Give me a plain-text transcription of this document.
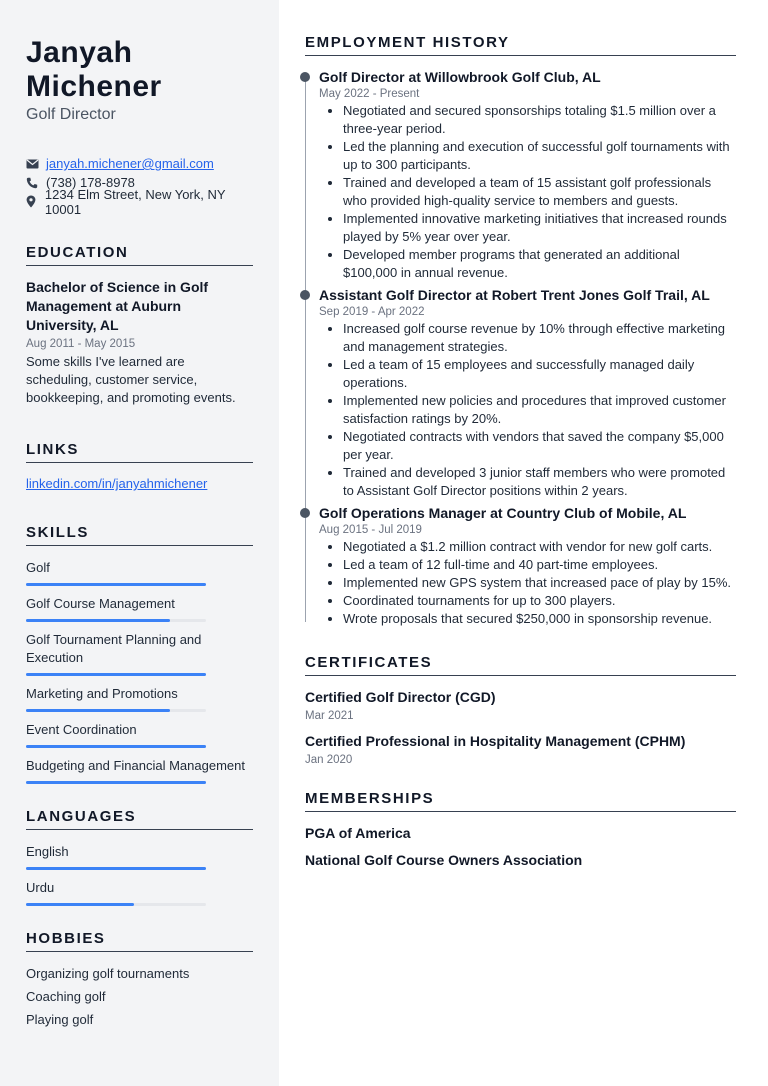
Janyah
Michener
Golf Director
janyah.michener@gmail.com
(738) 178-8978
1234 Elm Street, New York, NY 10001
EDUCATION
Bachelor of Science in Golf Management at Auburn University, AL
Aug 2011 - May 2015
Some skills I've learned are scheduling, customer service, bookkeeping, and promoting events.
LINKS
linkedin.com/in/janyahmichener
SKILLS
Golf
Golf Course Management
Golf Tournament Planning and Execution
Marketing and Promotions
Event Coordination
Budgeting and Financial Management
LANGUAGES
English
Urdu
HOBBIES
Organizing golf tournaments
Coaching golf
Playing golf
EMPLOYMENT HISTORY
Golf Director at Willowbrook Golf Club, AL
May 2022 - Present
• Negotiated and secured sponsorships totaling $1.5 million over a three-year period.
• Led the planning and execution of successful golf tournaments with up to 300 participants.
• Trained and developed a team of 15 assistant golf professionals who provided high-quality service to members and guests.
• Implemented innovative marketing initiatives that increased rounds played by 5% year over year.
• Developed member programs that generated an additional $100,000 in annual revenue.
Assistant Golf Director at Robert Trent Jones Golf Trail, AL
Sep 2019 - Apr 2022
• Increased golf course revenue by 10% through effective marketing and management strategies.
• Led a team of 15 employees and successfully managed daily operations.
• Implemented new policies and procedures that improved customer satisfaction ratings by 20%.
• Negotiated contracts with vendors that saved the company $5,000 per year.
• Trained and developed 3 junior staff members who were promoted to Assistant Golf Director positions within 2 years.
Golf Operations Manager at Country Club of Mobile, AL
Aug 2015 - Jul 2019
• Negotiated a $1.2 million contract with vendor for new golf carts.
• Led a team of 12 full-time and 40 part-time employees.
• Implemented new GPS system that increased pace of play by 15%.
• Coordinated tournaments for up to 300 players.
• Wrote proposals that secured $250,000 in sponsorship revenue.
CERTIFICATES
Certified Golf Director (CGD)
Mar 2021
Certified Professional in Hospitality Management (CPHM)
Jan 2020
MEMBERSHIPS
PGA of America
National Golf Course Owners Association
